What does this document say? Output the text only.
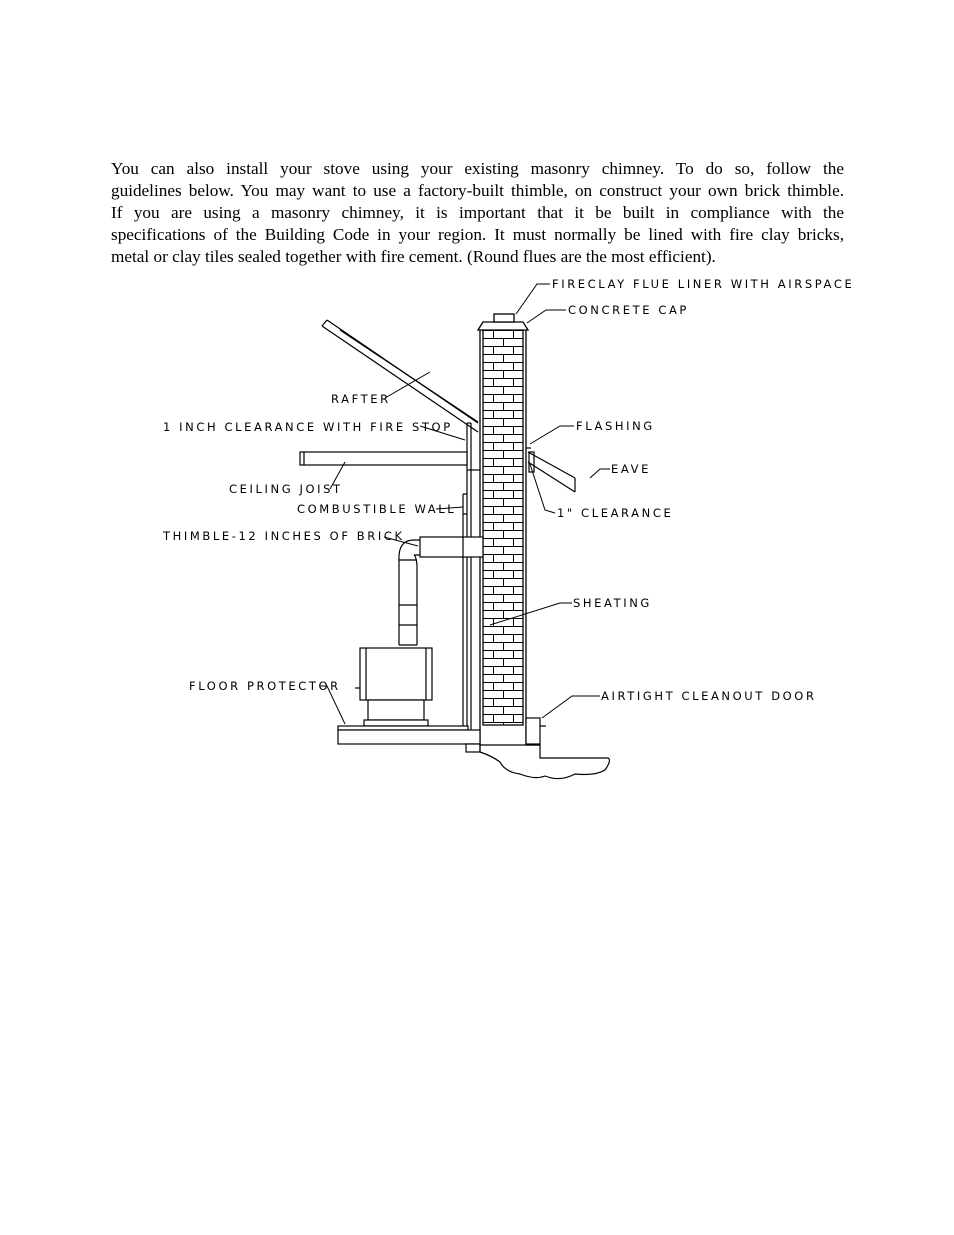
You can also install your stove using your existing masonry chimney. To do so, follow the
guidelines below. You may want to use a factory-built thimble, on construct your own brick thimble.
If you are using a masonry chimney, it is important that it be built in compliance with the
specifications of the Building Code in your region. It must normally be lined with fire clay bricks,
metal or clay tiles sealed together with fire cement. (Round flues are the most efficient).
FIRECLAY FLUE LINER WITH AIRSPACE
CONCRETE CAP
RAFTER
1 INCH CLEARANCE WITH FIRE STOP	FLASHING
EAVE
CEILING JOIST
COMBUSTIBLE WALL	1" CLEARANCE
THIMBLE-12 INCHES OF BRICK
SHEATING
FLOOR PROTECTOR
AIRTIGHT CLEANOUT DOOR
